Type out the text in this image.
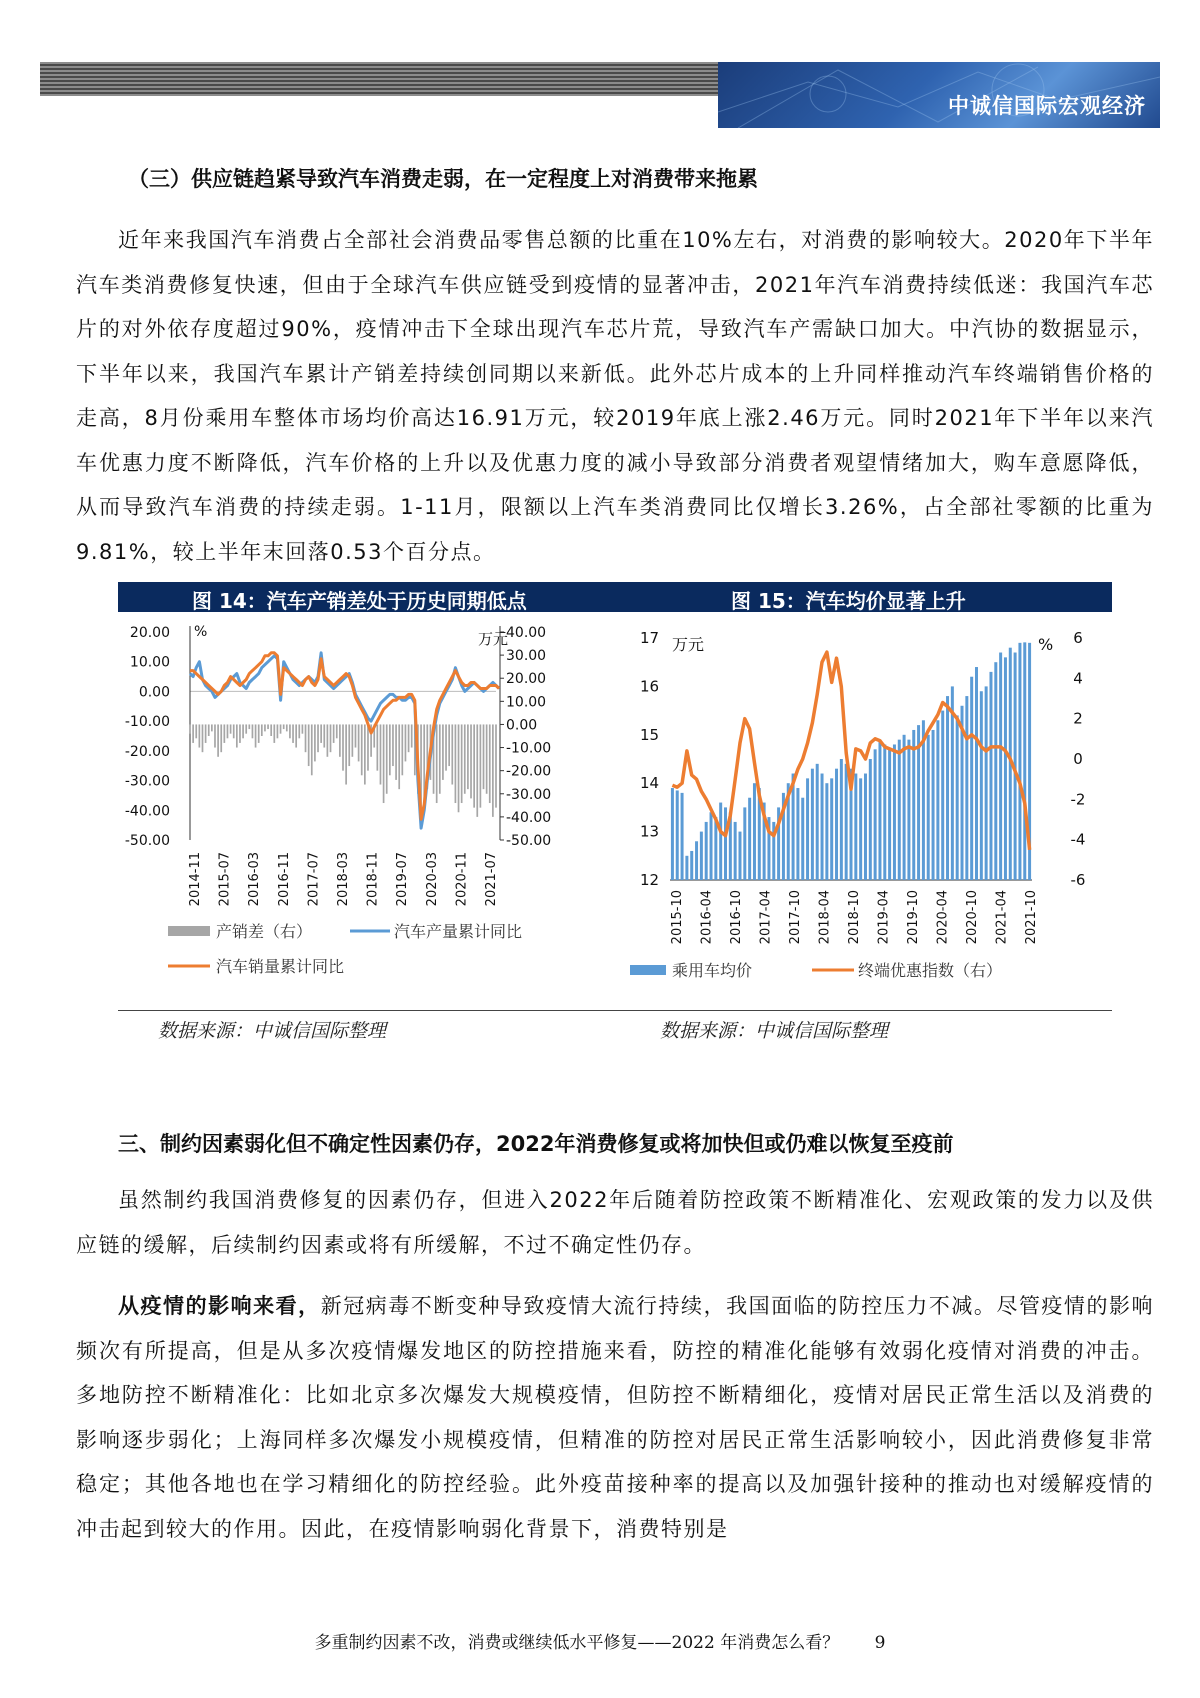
中诚信国际宏观经济
（三）供应链趋紧导致汽车消费走弱，在一定程度上对消费带来拖累
近年来我国汽车消费占全部社会消费品零售总额的比重在10%左右，对消费的影响较大。2020年下半年汽车类消费修复快速，但由于全球汽车供应链受到疫情的显著冲击，2021年汽车消费持续低迷：我国汽车芯片的对外依存度超过90%，疫情冲击下全球出现汽车芯片荒，导致汽车产需缺口加大。中汽协的数据显示，下半年以来，我国汽车累计产销差持续创同期以来新低。此外芯片成本的上升同样推动汽车终端销售价格的走高，8月份乘用车整体市场均价高达16.91万元，较2019年底上涨2.46万元。同时2021年下半年以来汽车优惠力度不断降低，汽车价格的上升以及优惠力度的减小导致部分消费者观望情绪加大，购车意愿降低，从而导致汽车消费的持续走弱。1-11月，限额以上汽车类消费同比仅增长3.26%，占全部社零额的比重为9.81%，较上半年末回落0.53个百分点。
图 14：汽车产销差处于历史同期低点	图 15：汽车均价显著上升
20.00
10.00
0.00
-10.00
-20.00
-30.00
-40.00
-50.00
40.00
30.00
20.00
10.00
0.00
-10.00
-20.00
-30.00
-40.00
-50.00
%	万元
2014-11 2015-07 2016-03 2016-11 2017-07 2018-03 2018-11 2019-07 2020-03 2020-11 2021-07
产销差（右）	汽车产量累计同比
汽车销量累计同比
17
16
15
14
13
12
6
4
2
0
-2
-4
-6
万元	%
2015-10 2016-04 2016-10 2017-04 2017-10 2018-04 2018-10 2019-04 2019-10 2020-04 2020-10 2021-04 2021-10
乘用车均价	终端优惠指数（右）
数据来源：中诚信国际整理	数据来源：中诚信国际整理
三、制约因素弱化但不确定性因素仍存，2022年消费修复或将加快但或仍难以恢复至疫前
虽然制约我国消费修复的因素仍存，但进入2022年后随着防控政策不断精准化、宏观政策的发力以及供应链的缓解，后续制约因素或将有所缓解，不过不确定性仍存。
从疫情的影响来看，新冠病毒不断变种导致疫情大流行持续，我国面临的防控压力不减。尽管疫情的影响频次有所提高，但是从多次疫情爆发地区的防控措施来看，防控的精准化能够有效弱化疫情对消费的冲击。多地防控不断精准化：比如北京多次爆发大规模疫情，但防控不断精细化，疫情对居民正常生活以及消费的影响逐步弱化；上海同样多次爆发小规模疫情，但精准的防控对居民正常生活影响较小，因此消费修复非常稳定；其他各地也在学习精细化的防控经验。此外疫苗接种率的提高以及加强针接种的推动也对缓解疫情的冲击起到较大的作用。因此，在疫情影响弱化背景下，消费特别是
多重制约因素不改，消费或继续低水平修复——2022 年消费怎么看？ 9
